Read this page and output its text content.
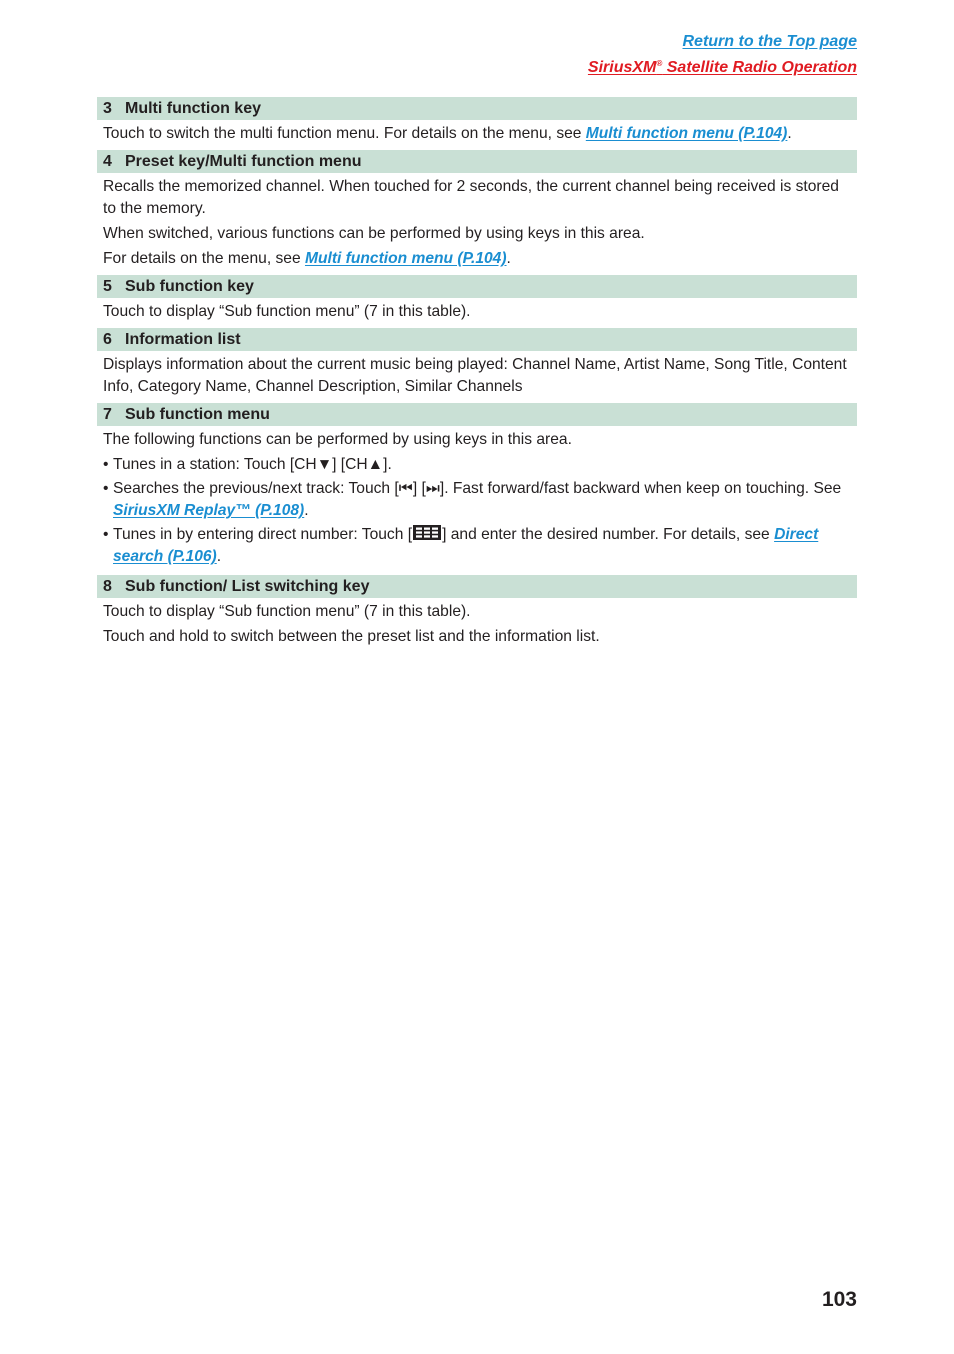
Return to the Top page
SiriusXM® Satellite Radio Operation
3 Multi function key

Touch to switch the multi function menu. For details on the menu, see Multi function menu (P.104).

4 Preset key/Multi function menu

Recalls the memorized channel. When touched for 2 seconds, the current channel being received is stored to the memory.

When switched, various functions can be performed by using keys in this area.

For details on the menu, see Multi function menu (P.104).

5 Sub function key

Touch to display “Sub function menu” (7 in this table).

6 Information list

Displays information about the current music being played: Channel Name, Artist Name, Song Title, Content Info, Category Name, Channel Description, Similar Channels

7 Sub function menu

The following functions can be performed by using keys in this area.

• Tunes in a station: Touch [CH▼] [CH▲].
• Searches the previous/next track: Touch [⏮] [⏭]. Fast forward/fast backward when keep on touching. See SiriusXM Replay™ (P.108).
• Tunes in by entering direct number: Touch [ ] and enter the desired number. For details, see Direct search (P.106).
8 Sub function/ List switching key

Touch to display “Sub function menu” (7 in this table).

Touch and hold to switch between the preset list and the information list.

103
